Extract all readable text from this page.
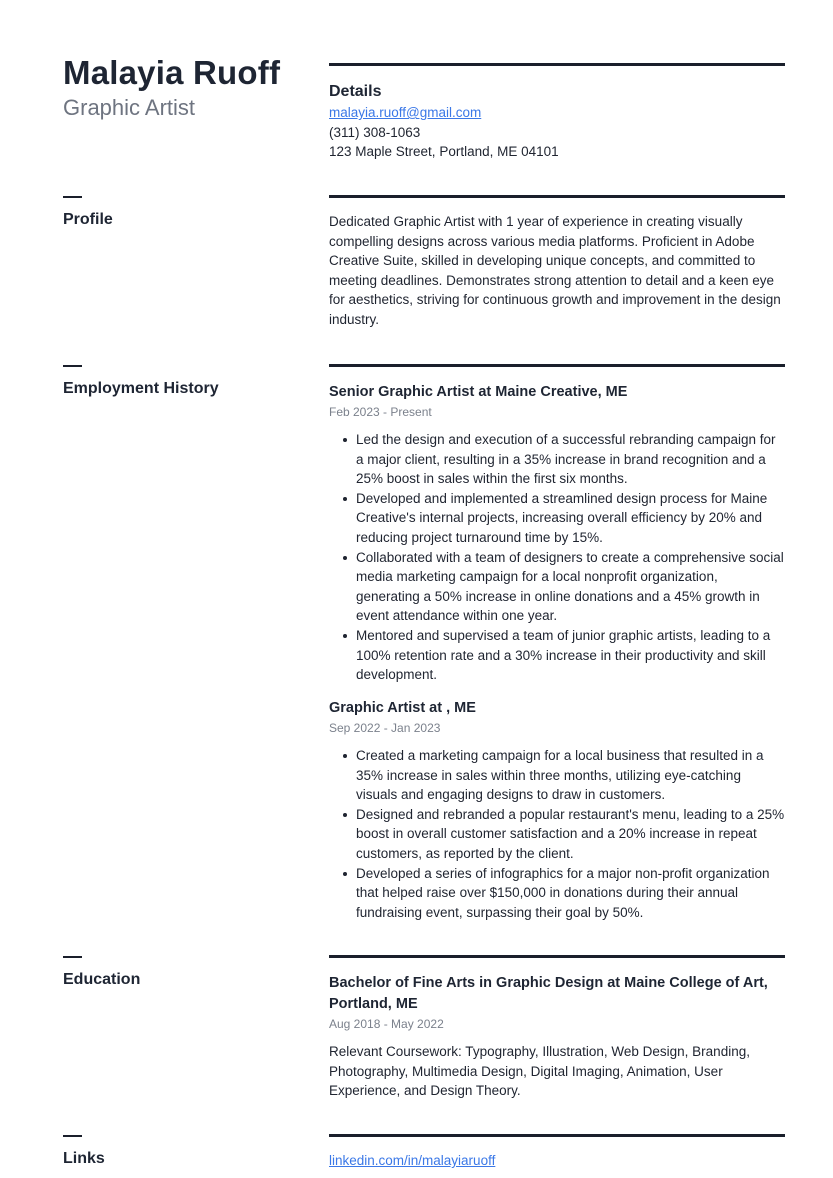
Malayia Ruoff
Graphic Artist
Details
malayia.ruoff@gmail.com
(311) 308-1063
123 Maple Street, Portland, ME 04101
Profile	Dedicated Graphic Artist with 1 year of experience in creating visually compelling designs across various media platforms. Proficient in Adobe Creative Suite, skilled in developing unique concepts, and committed to meeting deadlines. Demonstrates strong attention to detail and a keen eye for aesthetics, striving for continuous growth and improvement in the design industry.
Employment History	Senior Graphic Artist at Maine Creative, ME
Feb 2023 - Present
Led the design and execution of a successful rebranding campaign for a major client, resulting in a 35% increase in brand recognition and a 25% boost in sales within the first six months.
Developed and implemented a streamlined design process for Maine Creative's internal projects, increasing overall efficiency by 20% and reducing project turnaround time by 15%.
Collaborated with a team of designers to create a comprehensive social media marketing campaign for a local nonprofit organization, generating a 50% increase in online donations and a 45% growth in event attendance within one year.
Mentored and supervised a team of junior graphic artists, leading to a 100% retention rate and a 30% increase in their productivity and skill development.
Graphic Artist at , ME
Sep 2022 - Jan 2023
Created a marketing campaign for a local business that resulted in a 35% increase in sales within three months, utilizing eye-catching visuals and engaging designs to draw in customers.
Designed and rebranded a popular restaurant's menu, leading to a 25% boost in overall customer satisfaction and a 20% increase in repeat customers, as reported by the client.
Developed a series of infographics for a major non-profit organization that helped raise over $150,000 in donations during their annual fundraising event, surpassing their goal by 50%.
Education	Bachelor of Fine Arts in Graphic Design at Maine College of Art, Portland, ME
Aug 2018 - May 2022
Relevant Coursework: Typography, Illustration, Web Design, Branding, Photography, Multimedia Design, Digital Imaging, Animation, User Experience, and Design Theory.
Links	linkedin.com/in/malayiaruoff
